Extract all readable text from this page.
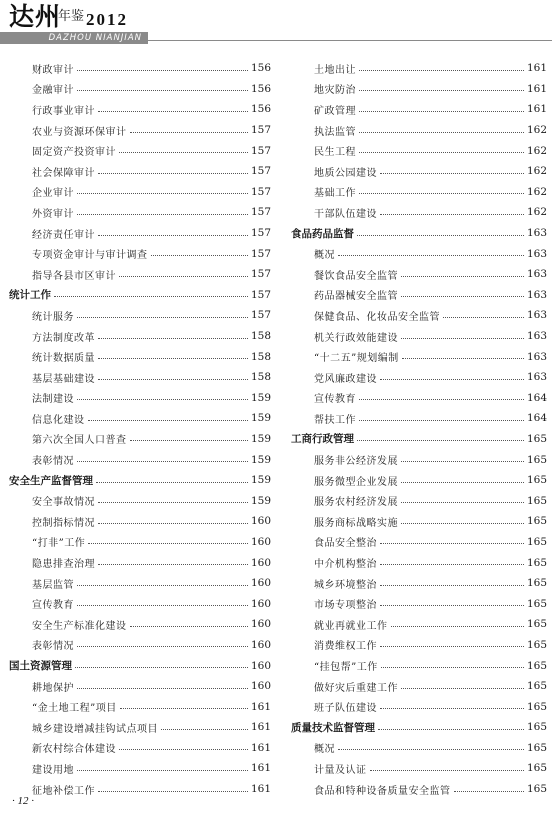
达州
年鉴 2012
DAZHOU NIANJIAN
财政审计	156
金融审计	156
行政事业审计	156
农业与资源环保审计	157
固定资产投资审计	157
社会保障审计	157
企业审计	157
外资审计	157
经济责任审计	157
专项资金审计与审计调查	157
指导各县市区审计	157
统计工作	157
统计服务	157
方法制度改革	158
统计数据质量	158
基层基础建设	158
法制建设	159
信息化建设	159
第六次全国人口普查	159
表彰情况	159
安全生产监督管理	159
安全事故情况	159
控制指标情况	160
“打非”工作	160
隐患排查治理	160
基层监管	160
宣传教育	160
安全生产标准化建设	160
表彰情况	160
国土资源管理	160
耕地保护	160
“金土地工程”项目	161
城乡建设增减挂钩试点项目	161
新农村综合体建设	161
建设用地	161
征地补偿工作	161
土地出让	161
地灾防治	161
矿政管理	161
执法监管	162
民生工程	162
地质公园建设	162
基础工作	162
干部队伍建设	162
食品药品监督	163
概况	163
餐饮食品安全监管	163
药品器械安全监管	163
保健食品、化妆品安全监管	163
机关行政效能建设	163
“十二五”规划编制	163
党风廉政建设	163
宣传教育	164
帮扶工作	164
工商行政管理	165
服务非公经济发展	165
服务微型企业发展	165
服务农村经济发展	165
服务商标战略实施	165
食品安全整治	165
中介机构整治	165
城乡环境整治	165
市场专项整治	165
就业再就业工作	165
消费维权工作	165
“挂包帮”工作	165
做好灾后重建工作	165
班子队伍建设	165
质量技术监督管理	165
概况	165
计量及认证	165
食品和特种设备质量安全监管	165
· 12 ·
